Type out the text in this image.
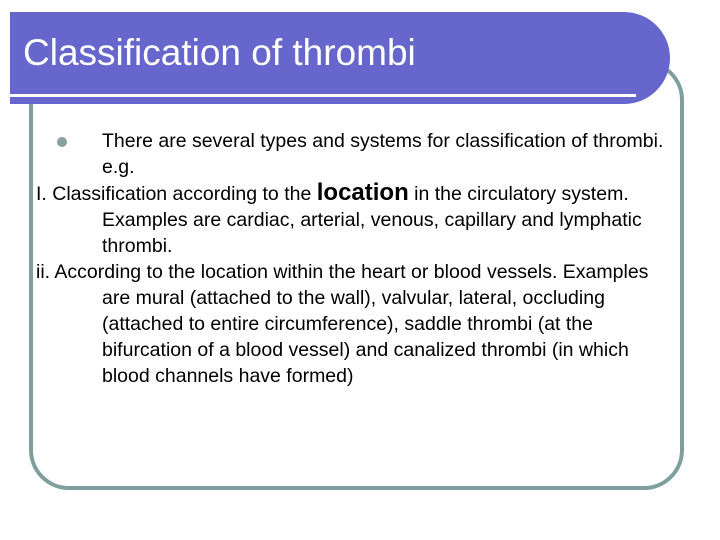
Classification of thrombi

There are several types and systems for classification of thrombi. e.g.

I. Classification according to the location in the circulatory system. Examples are cardiac, arterial, venous, capillary and lymphatic thrombi.

ii. According to the location within the heart or blood vessels. Examples are mural (attached to the wall), valvular, lateral, occluding (attached to entire circumference), saddle thrombi (at the bifurcation of a blood vessel) and canalized thrombi (in which blood channels have formed)
